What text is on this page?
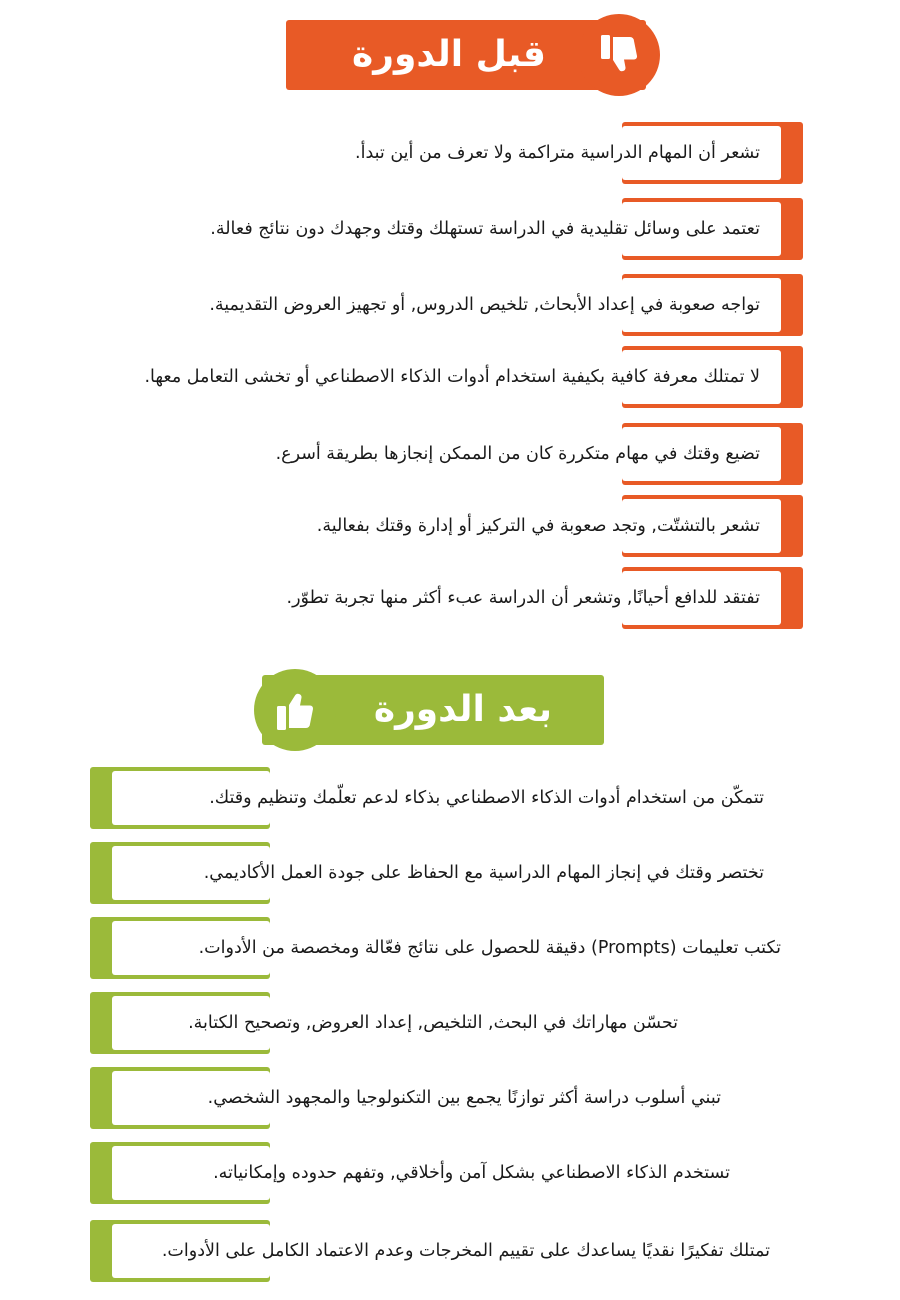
قبل الدورة
تشعر أن المهام الدراسية متراكمة ولا تعرف من أين تبدأ.
تعتمد على وسائل تقليدية في الدراسة تستهلك وقتك وجهدك دون نتائج فعالة.
تواجه صعوبة في إعداد الأبحاث, تلخيص الدروس, أو تجهيز العروض التقديمية.
لا تمتلك معرفة كافية بكيفية استخدام أدوات الذكاء الاصطناعي أو تخشى التعامل معها.
تضيع وقتك في مهام متكررة كان من الممكن إنجازها بطريقة أسرع.
تشعر بالتشتّت, وتجد صعوبة في التركيز أو إدارة وقتك بفعالية.
تفتقد للدافع أحيانًا, وتشعر أن الدراسة عبء أكثر منها تجربة تطوّر.
بعد الدورة
تتمكّن من استخدام أدوات الذكاء الاصطناعي بذكاء لدعم تعلّمك وتنظيم وقتك.
تختصر وقتك في إنجاز المهام الدراسية مع الحفاظ على جودة العمل الأكاديمي.
تكتب تعليمات (Prompts) دقيقة للحصول على نتائج فعّالة ومخصصة من الأدوات.
تحسّن مهاراتك في البحث, التلخيص, إعداد العروض, وتصحيح الكتابة.
تبني أسلوب دراسة أكثر توازنًا يجمع بين التكنولوجيا والمجهود الشخصي.
تستخدم الذكاء الاصطناعي بشكل آمن وأخلاقي, وتفهم حدوده وإمكانياته.
تمتلك تفكيرًا نقديًا يساعدك على تقييم المخرجات وعدم الاعتماد الكامل على الأدوات.
